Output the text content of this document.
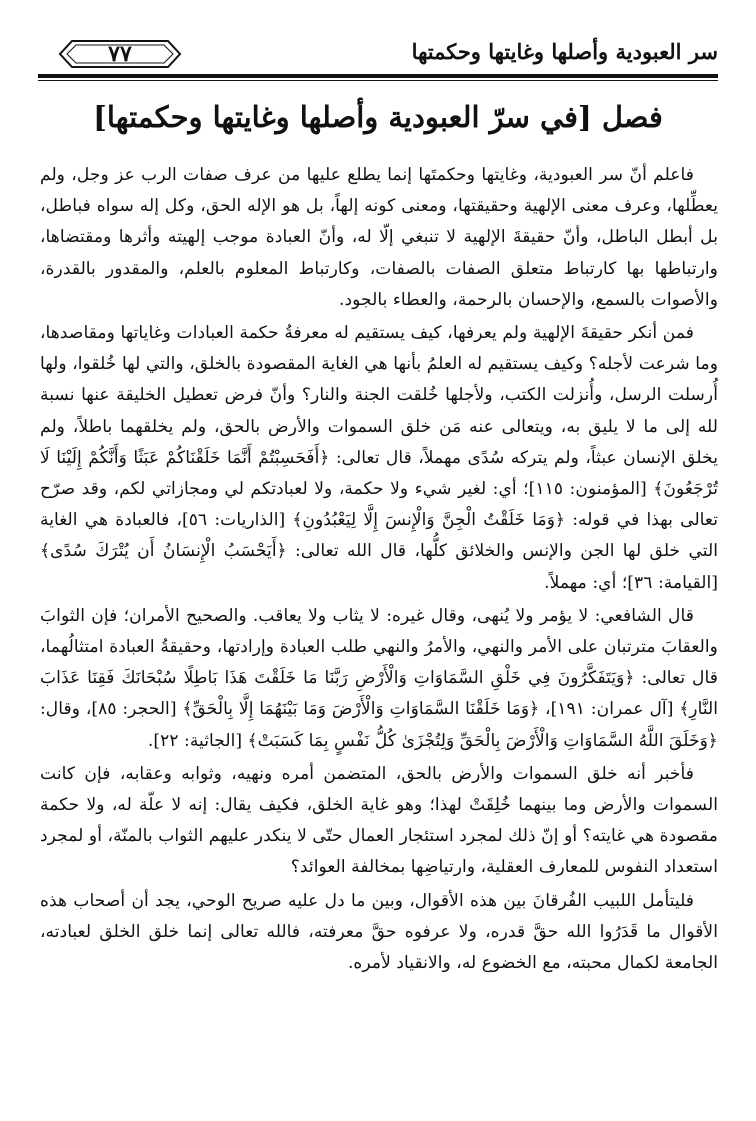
سر العبودية وأصلها وغايتها وحكمتها
٧٧
فصل [في سرّ العبودية وأصلها وغايتها وحكمتها]

فاعلم أنّ سر العبودية، وغايتها وحكمتَها إنما يطلع عليها من عرف صفات الرب عز وجل، ولم يعطِّلها، وعرف معنى الإلهية وحقيقتها، ومعنى كونه إلهاً، بل هو الإله الحق، وكل إله سواه فباطل، بل أبطل الباطل، وأنّ حقيقةَ الإلهية لا تنبغي إلّا له، وأنّ العبادة موجب إلهيته وأثرها ومقتضاها، وارتباطها بها كارتباط متعلق الصفات بالصفات، وكارتباط المعلوم بالعلم، والمقدور بالقدرة، والأصوات بالسمع، والإحسان بالرحمة، والعطاء بالجود.

فمن أنكر حقيقةَ الإلهية ولم يعرفها، كيف يستقيم له معرفةُ حكمة العبادات وغاياتها ومقاصدها، وما شرعت لأجله؟ وكيف يستقيم له العلمُ بأنها هي الغاية المقصودة بالخلق، والتي لها خُلقوا، ولها أُرسلت الرسل، وأُنزلت الكتب، ولأجلها خُلقت الجنة والنار؟ وأنّ فرض تعطيل الخليقة عنها نسبة لله إلى ما لا يليق به، ويتعالى عنه مَن خلق السموات والأرض بالحق، ولم يخلقهما باطلاً، ولم يخلق الإنسان عبثاً، ولم يتركه سُدًى مهملاً، قال تعالى: ﴿أَفَحَسِبْتُمْ أَنَّمَا خَلَقْنَاكُمْ عَبَثًا وَأَنَّكُمْ إِلَيْنَا لَا تُرْجَعُونَ﴾ [المؤمنون: ١١٥]؛ أي: لغير شيء ولا حكمة، ولا لعبادتكم لي ومجازاتي لكم، وقد صرّح تعالى بهذا في قوله: ﴿وَمَا خَلَقْتُ الْجِنَّ وَالْإِنسَ إِلَّا لِيَعْبُدُونِ﴾ [الذاريات: ٥٦]، فالعبادة هي الغاية التي خلق لها الجن والإنس والخلائق كلُّها، قال الله تعالى: ﴿أَيَحْسَبُ الْإِنسَانُ أَن يُتْرَكَ سُدًى﴾ [القيامة: ٣٦]؛ أي: مهملاً.

قال الشافعي: لا يؤمر ولا يُنهى، وقال غيره: لا يثاب ولا يعاقب. والصحيح الأمران؛ فإن الثوابَ والعقابَ مترتبان على الأمر والنهي، والأمرُ والنهي طلب العبادة وإرادتها، وحقيقةُ العبادة امتثالُهما، قال تعالى: ﴿وَيَتَفَكَّرُونَ فِي خَلْقِ السَّمَاوَاتِ وَالْأَرْضِ رَبَّنَا مَا خَلَقْتَ هَذَا بَاطِلًا سُبْحَانَكَ فَقِنَا عَذَابَ النَّارِ﴾ [آل عمران: ١٩١]، ﴿وَمَا خَلَقْنَا السَّمَاوَاتِ وَالْأَرْضَ وَمَا بَيْنَهُمَا إِلَّا بِالْحَقِّ﴾ [الحجر: ٨٥]، وقال: ﴿وَخَلَقَ اللَّهُ السَّمَاوَاتِ وَالْأَرْضَ بِالْحَقِّ وَلِتُجْزَىٰ كُلُّ نَفْسٍ بِمَا كَسَبَتْ﴾ [الجاثية: ٢٢].

فأخبر أنه خلق السموات والأرض بالحق، المتضمن أمره ونهيه، وثوابه وعقابه، فإن كانت السموات والأرض وما بينهما خُلِقَتْ لهذا؛ وهو غاية الخلق، فكيف يقال: إنه لا علّة له، ولا حكمة مقصودة هي غايته؟ أو إنّ ذلك لمجرد استئجار العمال حتّى لا ينكدر عليهم الثواب بالمنّة، أو لمجرد استعداد النفوس للمعارف العقلية، وارتياضِها بمخالفة العوائد؟

فليتأمل اللبيب الفُرقانَ بين هذه الأقوال، وبين ما دل عليه صريح الوحي، يجد أن أصحاب هذه الأقوال ما قَدَرُوا الله حقَّ قدره، ولا عرفوه حقَّ معرفته، فالله تعالى إنما خلق الخلق لعبادته، الجامعة لكمال محبته، مع الخضوع له، والانقياد لأمره.
